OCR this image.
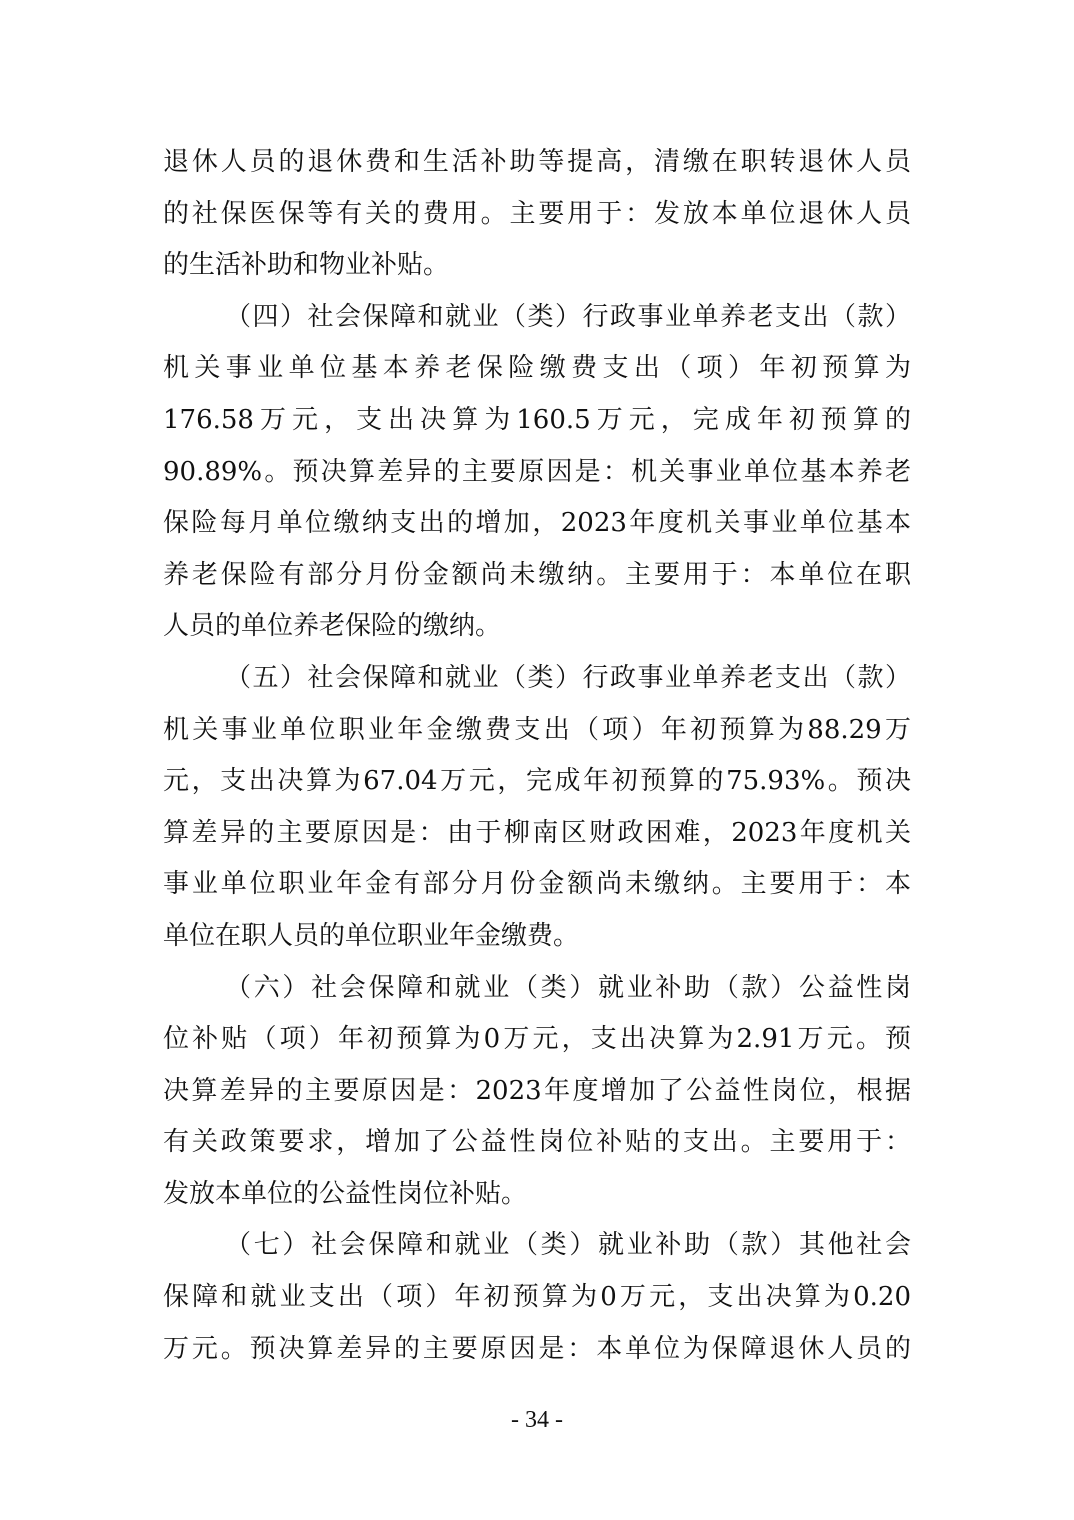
退休人员的退休费和生活补助等提高，清缴在职转退休人员
的社保医保等有关的费用。主要用于：发放本单位退休人员
的生活补助和物业补贴。
（四）社会保障和就业（类）行政事业单养老支出（款）
机关事业单位基本养老保险缴费支出（项）年初预算为
176.58万元，支出决算为160.5万元，完成年初预算的
90.89%。预决算差异的主要原因是：机关事业单位基本养老
保险每月单位缴纳支出的增加，2023年度机关事业单位基本
养老保险有部分月份金额尚未缴纳。主要用于：本单位在职
人员的单位养老保险的缴纳。
（五）社会保障和就业（类）行政事业单养老支出（款）
机关事业单位职业年金缴费支出（项）年初预算为88.29万
元，支出决算为67.04万元，完成年初预算的75.93%。预决
算差异的主要原因是：由于柳南区财政困难，2023年度机关
事业单位职业年金有部分月份金额尚未缴纳。主要用于：本
单位在职人员的单位职业年金缴费。
（六）社会保障和就业（类）就业补助（款）公益性岗
位补贴（项）年初预算为0万元，支出决算为2.91万元。预
决算差异的主要原因是：2023年度增加了公益性岗位，根据
有关政策要求，增加了公益性岗位补贴的支出。主要用于：
发放本单位的公益性岗位补贴。
（七）社会保障和就业（类）就业补助（款）其他社会
保障和就业支出（项）年初预算为0万元，支出决算为0.20
万元。预决算差异的主要原因是：本单位为保障退休人员的
- 34 -
